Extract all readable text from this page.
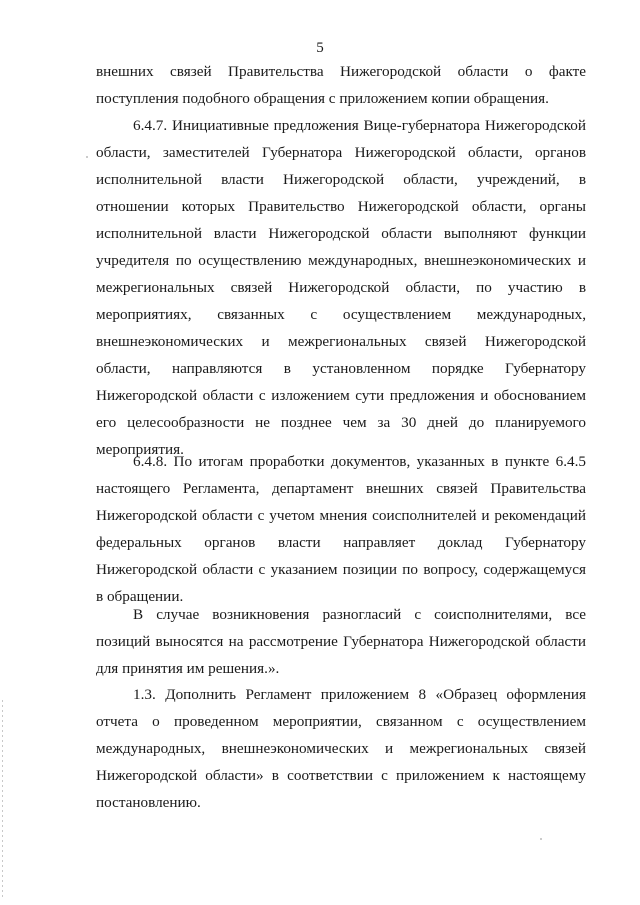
5
внешних связей Правительства Нижегородской области о факте
поступления подобного обращения с приложением копии обращения.
6.4.7. Инициативные предложения Вице-губернатора Нижегородской
области, заместителей Губернатора Нижегородской области, органов
исполнительной власти Нижегородской области, учреждений, в
отношении которых Правительство Нижегородской области, органы
исполнительной власти Нижегородской области выполняют функции
учредителя по осуществлению международных, внешнеэкономических и
межрегиональных связей Нижегородской области, по участию в
мероприятиях, связанных с осуществлением международных,
внешнеэкономических и межрегиональных связей Нижегородской
области, направляются в установленном порядке Губернатору
Нижегородской области с изложением сути предложения и обоснованием
его целесообразности не позднее чем за 30 дней до планируемого
мероприятия.
6.4.8. По итогам проработки документов, указанных в пункте 6.4.5
настоящего Регламента, департамент внешних связей Правительства
Нижегородской области с учетом мнения соисполнителей и рекомендаций
федеральных органов власти направляет доклад Губернатору
Нижегородской области с указанием позиции по вопросу, содержащемуся
в обращении.
В случае возникновения разногласий с соисполнителями, все
позиций выносятся на рассмотрение Губернатора Нижегородской области
для принятия им решения.».
1.3. Дополнить Регламент приложением 8 «Образец оформления
отчета о проведенном мероприятии, связанном с осуществлением
международных, внешнеэкономических и межрегиональных связей
Нижегородской области» в соответствии с приложением к настоящему
постановлению.
